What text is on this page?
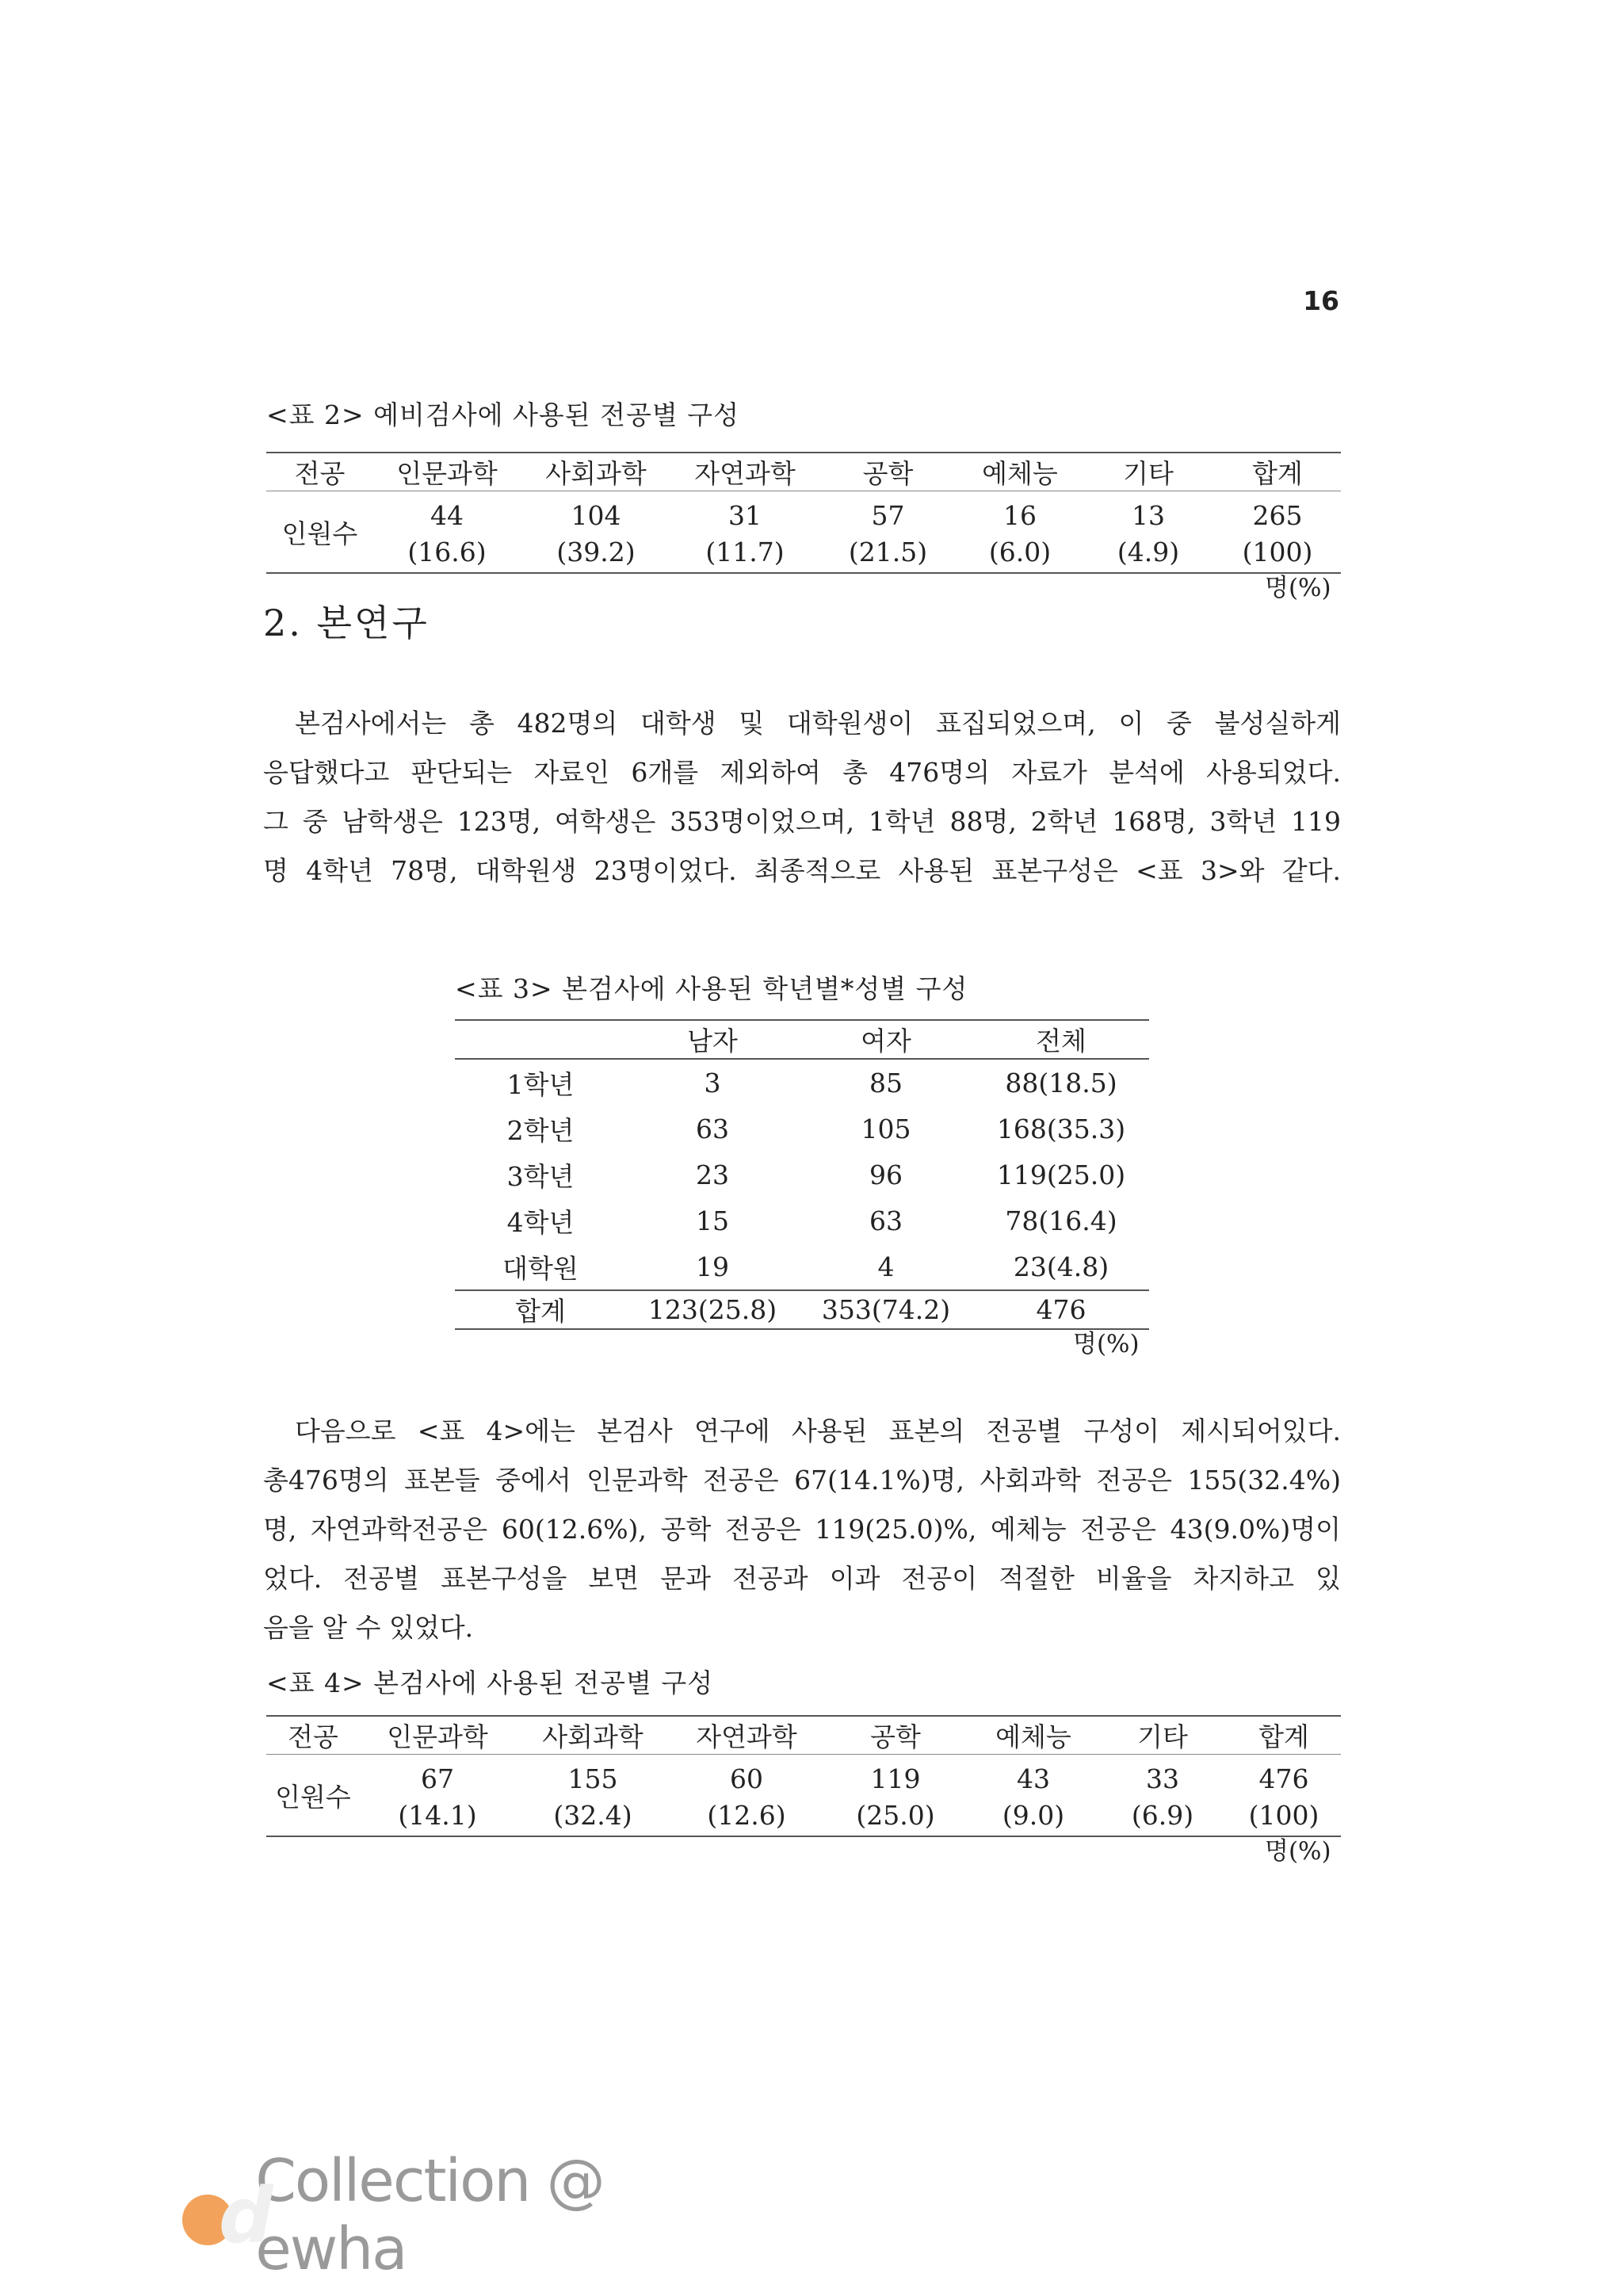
16
<표 2> 예비검사에 사용된 전공별 구성
전공	인문과학	사회과학	자연과학	공학	예체능	기타	합계
인원수	44	104	31	57	16	13	265
	(16.6)	(39.2)	(11.7)	(21.5)	(6.0)	(4.9)	(100)
명(%)
2. 본연구
본검사에서는 총 482명의 대학생 및 대학원생이 표집되었으며, 이 중 불성실하게
응답했다고 판단되는 자료인 6개를 제외하여 총 476명의 자료가 분석에 사용되었다.
그 중 남학생은 123명, 여학생은 353명이었으며, 1학년 88명, 2학년 168명, 3학년 119
명 4학년 78명, 대학원생 23명이었다. 최종적으로 사용된 표본구성은 <표 3>와 같다.
<표 3> 본검사에 사용된 학년별*성별 구성
	남자	여자	전체
1학년	3	85	88(18.5)
2학년	63	105	168(35.3)
3학년	23	96	119(25.0)
4학년	15	63	78(16.4)
대학원	19	4	23(4.8)
합계	123(25.8)	353(74.2)	476
명(%)
다음으로 <표 4>에는 본검사 연구에 사용된 표본의 전공별 구성이 제시되어있다.
총476명의 표본들 중에서 인문과학 전공은 67(14.1%)명, 사회과학 전공은 155(32.4%)
명, 자연과학전공은 60(12.6%), 공학 전공은 119(25.0)%, 예체능 전공은 43(9.0%)명이
었다. 전공별 표본구성을 보면 문과 전공과 이과 전공이 적절한 비율을 차지하고 있
음을 알 수 있었다.
<표 4> 본검사에 사용된 전공별 구성
전공	인문과학	사회과학	자연과학	공학	예체능	기타	합계
인원수	67	155	60	119	43	33	476
	(14.1)	(32.4)	(12.6)	(25.0)	(9.0)	(6.9)	(100)
명(%)
d
Collection @ ewha
